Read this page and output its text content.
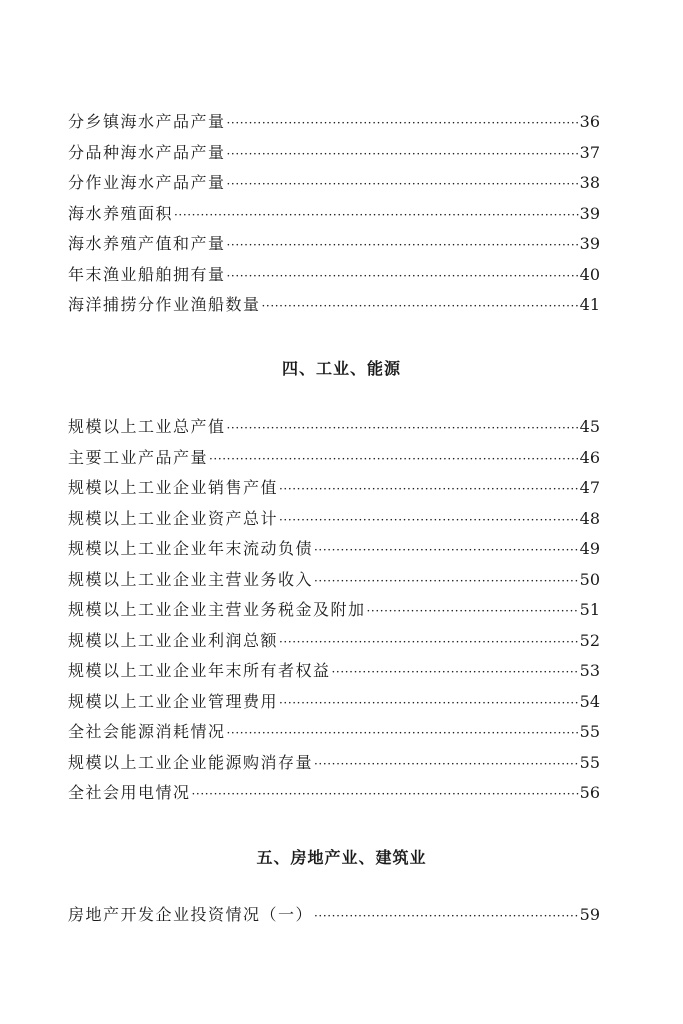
分乡镇海水产品产量 ·····	36
分品种海水产品产量 ·····	37
分作业海水产品产量 ·····	38
海水养殖面积 ·····	39
海水养殖产值和产量 ·····	39
年末渔业船舶拥有量 ·····	40
海洋捕捞分作业渔船数量 ·····	41
四、工业、能源
规模以上工业总产值 ·····	45
主要工业产品产量 ·····	46
规模以上工业企业销售产值 ·····	47
规模以上工业企业资产总计 ·····	48
规模以上工业企业年末流动负债 ·····	49
规模以上工业企业主营业务收入 ·····	50
规模以上工业企业主营业务税金及附加 ·····	51
规模以上工业企业利润总额 ·····	52
规模以上工业企业年末所有者权益 ·····	53
规模以上工业企业管理费用 ·····	54
全社会能源消耗情况 ·····	55
规模以上工业企业能源购消存量 ·····	55
全社会用电情况 ·····	56
五、房地产业、建筑业
房地产开发企业投资情况（一） ·····	59
